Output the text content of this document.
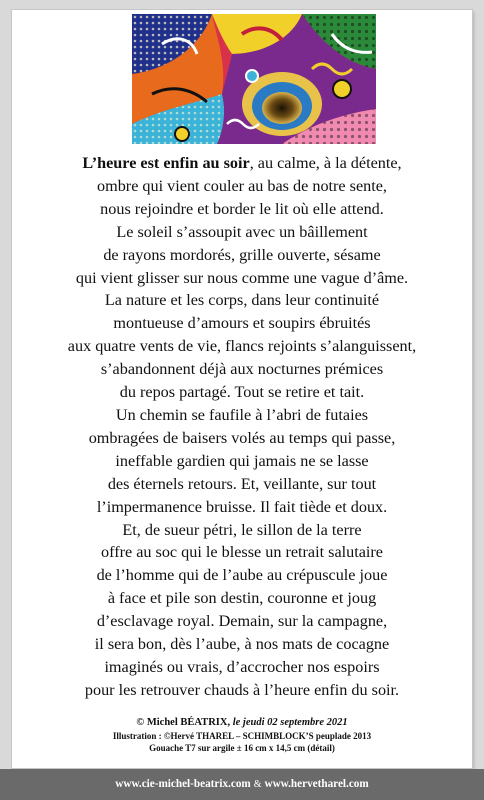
L’heure est enfin au soir, au calme, à la détente,
ombre qui vient couler au bas de notre sente,
nous rejoindre et border le lit où elle attend.
Le soleil s’assoupit avec un bâillement
de rayons mordorés, grille ouverte, sésame
qui vient glisser sur nous comme une vague d’âme.
La nature et les corps, dans leur continuité
montueuse d’amours et soupirs ébruités
aux quatre vents de vie, flancs rejoints s’alanguissent,
s’abandonnent déjà aux nocturnes prémices
du repos partagé. Tout se retire et tait.
Un chemin se faufile à l’abri de futaies
ombragées de baisers volés au temps qui passe,
ineffable gardien qui jamais ne se lasse
des éternels retours. Et, veillante, sur tout
l’impermanence bruisse. Il fait tiède et doux.
Et, de sueur pétri, le sillon de la terre
offre au soc qui le blesse un retrait salutaire
de l’homme qui de l’aube au crépuscule joue
à face et pile son destin, couronne et joug
d’esclavage royal. Demain, sur la campagne,
il sera bon, dès l’aube, à nos mats de cocagne
imaginés ou vrais, d’accrocher nos espoirs
pour les retrouver chauds à l’heure enfin du soir.
© Michel BÉATRIX, le jeudi 02 septembre 2021
Illustration : ©Hervé THAREL – SCHIMBLOCK’S peuplade 2013
Gouache T7 sur argile ± 16 cm x 14,5 cm (détail)
www.cie-michel-beatrix.com & www.hervetharel.com
